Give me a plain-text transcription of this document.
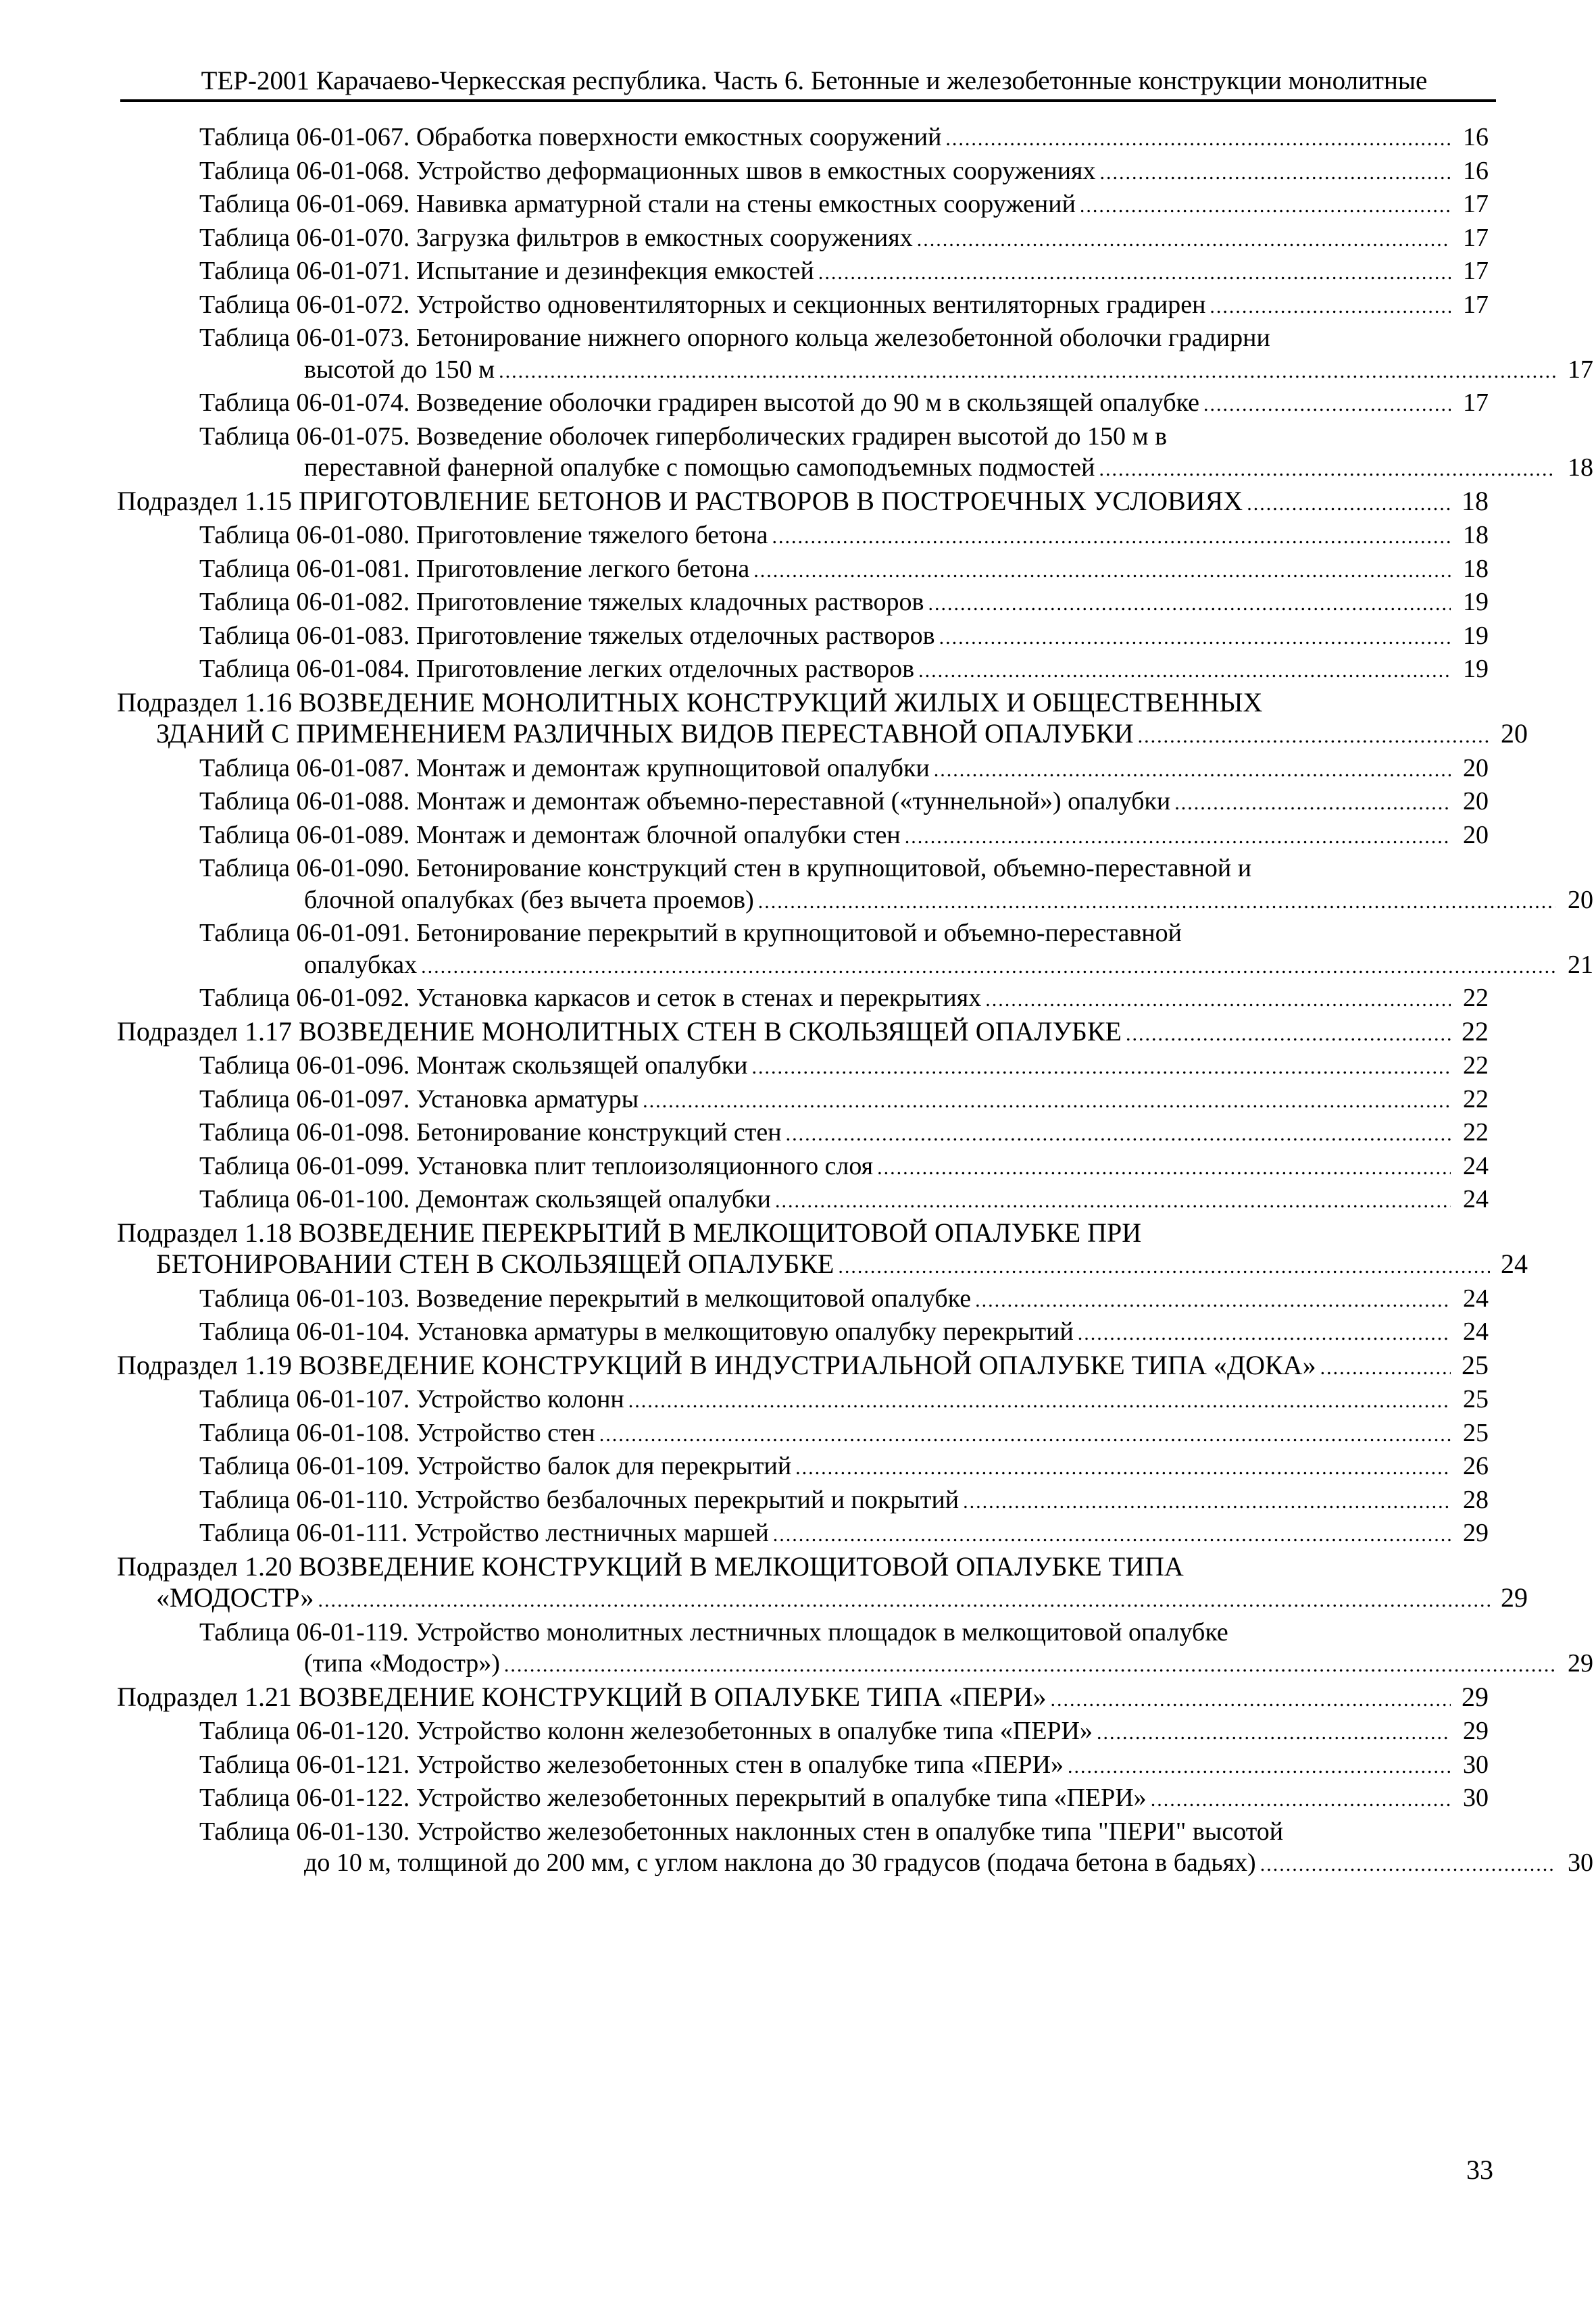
ТЕР-2001 Карачаево-Черкесская республика. Часть 6. Бетонные и железобетонные конструкции монолитные
Таблица 06-01-067. Обработка поверхности емкостных сооружений .....	16
Таблица 06-01-068. Устройство деформационных швов в емкостных сооружениях .....	16
Таблица 06-01-069. Навивка арматурной стали на стены емкостных сооружений .....	17
Таблица 06-01-070. Загрузка фильтров в емкостных сооружениях .....	17
Таблица 06-01-071. Испытание и дезинфекция емкостей .....	17
Таблица 06-01-072. Устройство одновентиляторных и секционных вентиляторных градирен .....	17
Таблица 06-01-073. Бетонирование нижнего опорного кольца железобетонной оболочки градирни
высотой до 150 м .....	17
Таблица 06-01-074. Возведение оболочки градирен высотой до 90 м в скользящей опалубке .....	17
Таблица 06-01-075. Возведение оболочек гиперболических градирен высотой до 150 м в
переставной фанерной опалубке с помощью самоподъемных подмостей .....	18
Подраздел 1.15 ПРИГОТОВЛЕНИЕ БЕТОНОВ И РАСТВОРОВ В ПОСТРОЕЧНЫХ УСЛОВИЯХ .....	18
Таблица 06-01-080. Приготовление тяжелого бетона .....	18
Таблица 06-01-081. Приготовление легкого бетона .....	18
Таблица 06-01-082. Приготовление тяжелых кладочных растворов .....	19
Таблица 06-01-083. Приготовление тяжелых отделочных растворов .....	19
Таблица 06-01-084. Приготовление легких отделочных растворов .....	19
Подраздел 1.16 ВОЗВЕДЕНИЕ МОНОЛИТНЫХ КОНСТРУКЦИЙ ЖИЛЫХ И ОБЩЕСТВЕННЫХ
ЗДАНИЙ С ПРИМЕНЕНИЕМ РАЗЛИЧНЫХ ВИДОВ ПЕРЕСТАВНОЙ ОПАЛУБКИ .....	20
Таблица 06-01-087. Монтаж и демонтаж крупнощитовой опалубки .....	20
Таблица 06-01-088. Монтаж и демонтаж объемно-переставной («туннельной») опалубки .....	20
Таблица 06-01-089. Монтаж и демонтаж блочной опалубки стен .....	20
Таблица 06-01-090. Бетонирование конструкций стен в крупнощитовой, объемно-переставной и
блочной опалубках (без вычета проемов) .....	20
Таблица 06-01-091. Бетонирование перекрытий в крупнощитовой и объемно-переставной
опалубках .....	21
Таблица 06-01-092. Установка каркасов и сеток в стенах и перекрытиях .....	22
Подраздел 1.17 ВОЗВЕДЕНИЕ МОНОЛИТНЫХ СТЕН В СКОЛЬЗЯЩЕЙ ОПАЛУБКЕ .....	22
Таблица 06-01-096. Монтаж скользящей опалубки .....	22
Таблица 06-01-097. Установка арматуры .....	22
Таблица 06-01-098. Бетонирование конструкций стен .....	22
Таблица 06-01-099. Установка плит теплоизоляционного слоя .....	24
Таблица 06-01-100. Демонтаж скользящей опалубки .....	24
Подраздел 1.18 ВОЗВЕДЕНИЕ ПЕРЕКРЫТИЙ В МЕЛКОЩИТОВОЙ ОПАЛУБКЕ ПРИ
БЕТОНИРОВАНИИ СТЕН В СКОЛЬЗЯЩЕЙ ОПАЛУБКЕ .....	24
Таблица 06-01-103. Возведение перекрытий в мелкощитовой опалубке .....	24
Таблица 06-01-104. Установка арматуры в мелкощитовую опалубку перекрытий .....	24
Подраздел 1.19 ВОЗВЕДЕНИЕ КОНСТРУКЦИЙ В ИНДУСТРИАЛЬНОЙ ОПАЛУБКЕ ТИПА «ДОКА» .....	25
Таблица 06-01-107. Устройство колонн .....	25
Таблица 06-01-108. Устройство стен .....	25
Таблица 06-01-109. Устройство балок для перекрытий .....	26
Таблица 06-01-110. Устройство безбалочных перекрытий и покрытий .....	28
Таблица 06-01-111. Устройство лестничных маршей .....	29
Подраздел 1.20 ВОЗВЕДЕНИЕ КОНСТРУКЦИЙ В МЕЛКОЩИТОВОЙ ОПАЛУБКЕ ТИПА
«МОДОСТР» .....	29
Таблица 06-01-119. Устройство монолитных лестничных площадок в мелкощитовой опалубке
(типа «Модостр») .....	29
Подраздел 1.21 ВОЗВЕДЕНИЕ КОНСТРУКЦИЙ В ОПАЛУБКЕ ТИПА «ПЕРИ» .....	29
Таблица 06-01-120. Устройство колонн железобетонных в опалубке типа «ПЕРИ» .....	29
Таблица 06-01-121. Устройство железобетонных стен в опалубке типа «ПЕРИ» .....	30
Таблица 06-01-122. Устройство железобетонных перекрытий в опалубке типа «ПЕРИ» .....	30
Таблица 06-01-130. Устройство железобетонных наклонных стен в опалубке типа "ПЕРИ" высотой
до 10 м, толщиной до 200 мм, с углом наклона до 30 градусов (подача бетона в бадьях) .....	30
33
